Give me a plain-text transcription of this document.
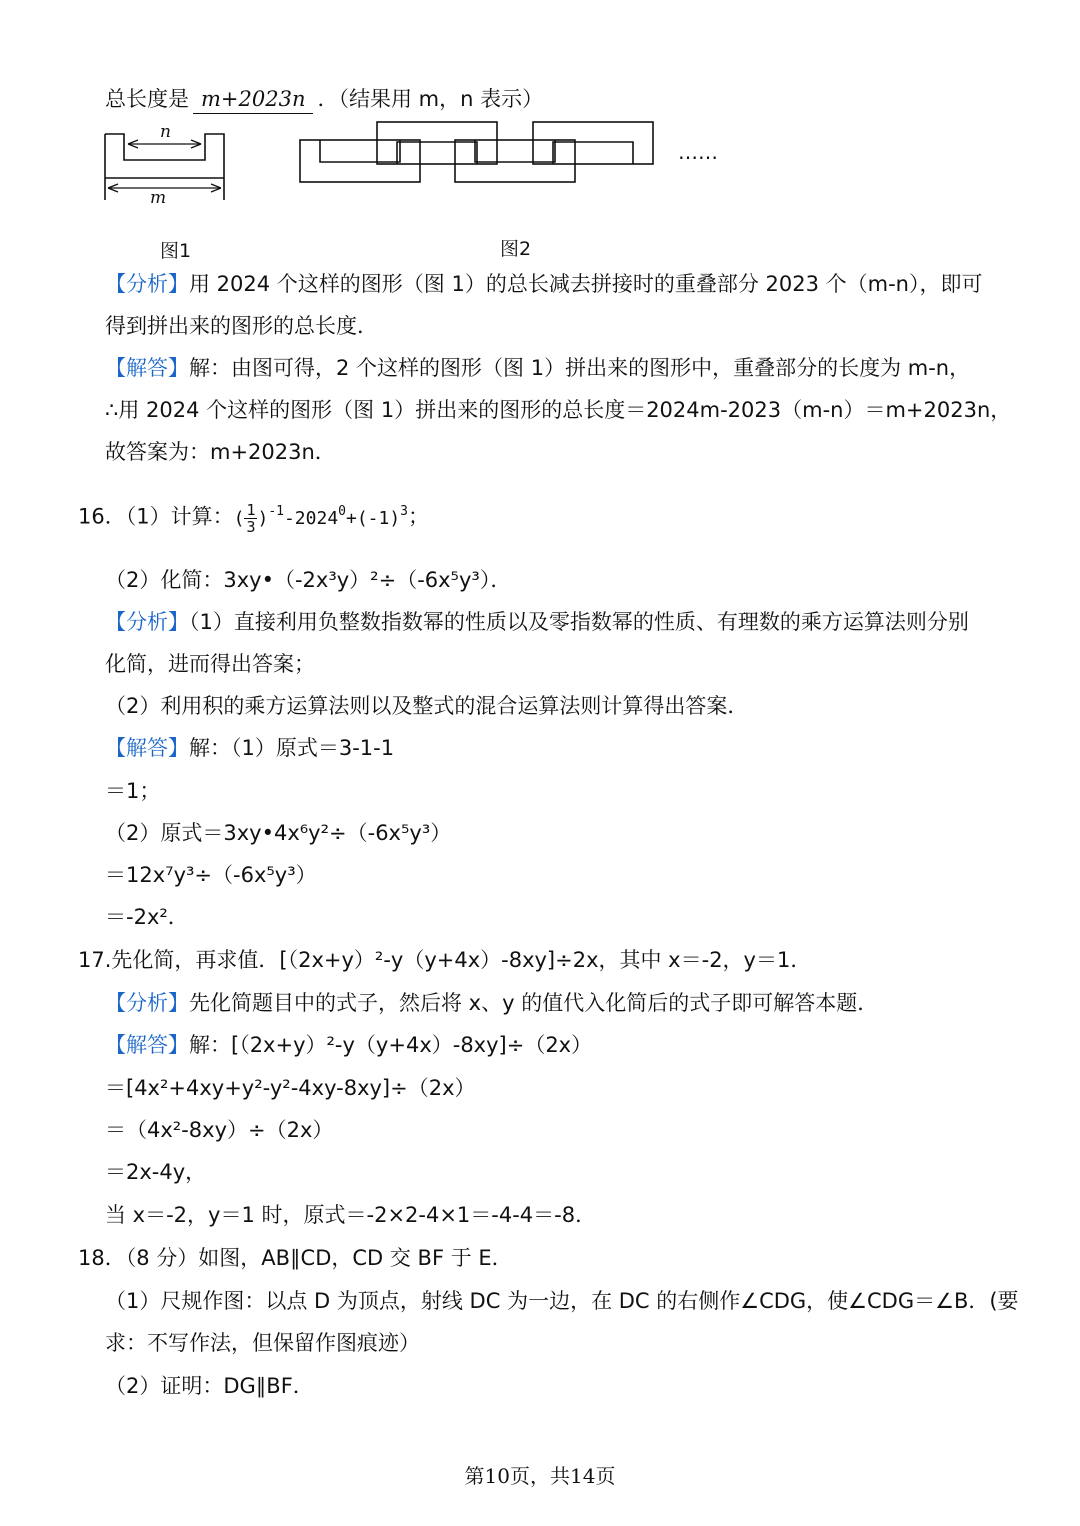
总长度是 m+2023n ．（结果用 m，n 表示）
n
m
图1
……
图2
【分析】用 2024 个这样的图形（图 1）的总长减去拼接时的重叠部分 2023 个（m-n），即可
得到拼出来的图形的总长度．
【解答】解：由图可得，2 个这样的图形（图 1）拼出来的图形中，重叠部分的长度为 m-n，
∴用 2024 个这样的图形（图 1）拼出来的图形的总长度＝2024m-2023（m-n）＝m+2023n，
故答案为：m+2023n．
16．（1）计算：( $\frac{1}{3} )^{-1}-2024^0+(-1)^3$；
（2）化简：3xy•（-2x³y）²÷（-6x⁵y³）．
【分析】（1）直接利用负整数指数幂的性质以及零指数幂的性质、有理数的乘方运算法则分别
化简，进而得出答案；
（2）利用积的乘方运算法则以及整式的混合运算法则计算得出答案．
【解答】解：（1）原式＝3-1-1
＝1；
（2）原式＝3xy•4x⁶y²÷（-6x⁵y³）
＝12x⁷y³÷（-6x⁵y³）
＝-2x²．
17.先化简，再求值．[（2x+y）²-y（y+4x）-8xy]÷2x，其中 x＝-2，y＝1．
【分析】先化简题目中的式子，然后将 x、y 的值代入化简后的式子即可解答本题．
【解答】解：[（2x+y）²-y（y+4x）-8xy]÷（2x）
＝[4x²+4xy+y²-y²-4xy-8xy]÷（2x）
＝（4x²-8xy）÷（2x）
＝2x-4y，
当 x＝-2，y＝1 时，原式＝-2×2-4×1＝-4-4＝-8．
18．（8 分）如图，AB∥CD，CD 交 BF 于 E．
（1）尺规作图：以点 D 为顶点，射线 DC 为一边，在 DC 的右侧作∠CDG，使∠CDG＝∠B．(要
求：不写作法，但保留作图痕迹）
（2）证明：DG∥BF．
第10页，共14页
